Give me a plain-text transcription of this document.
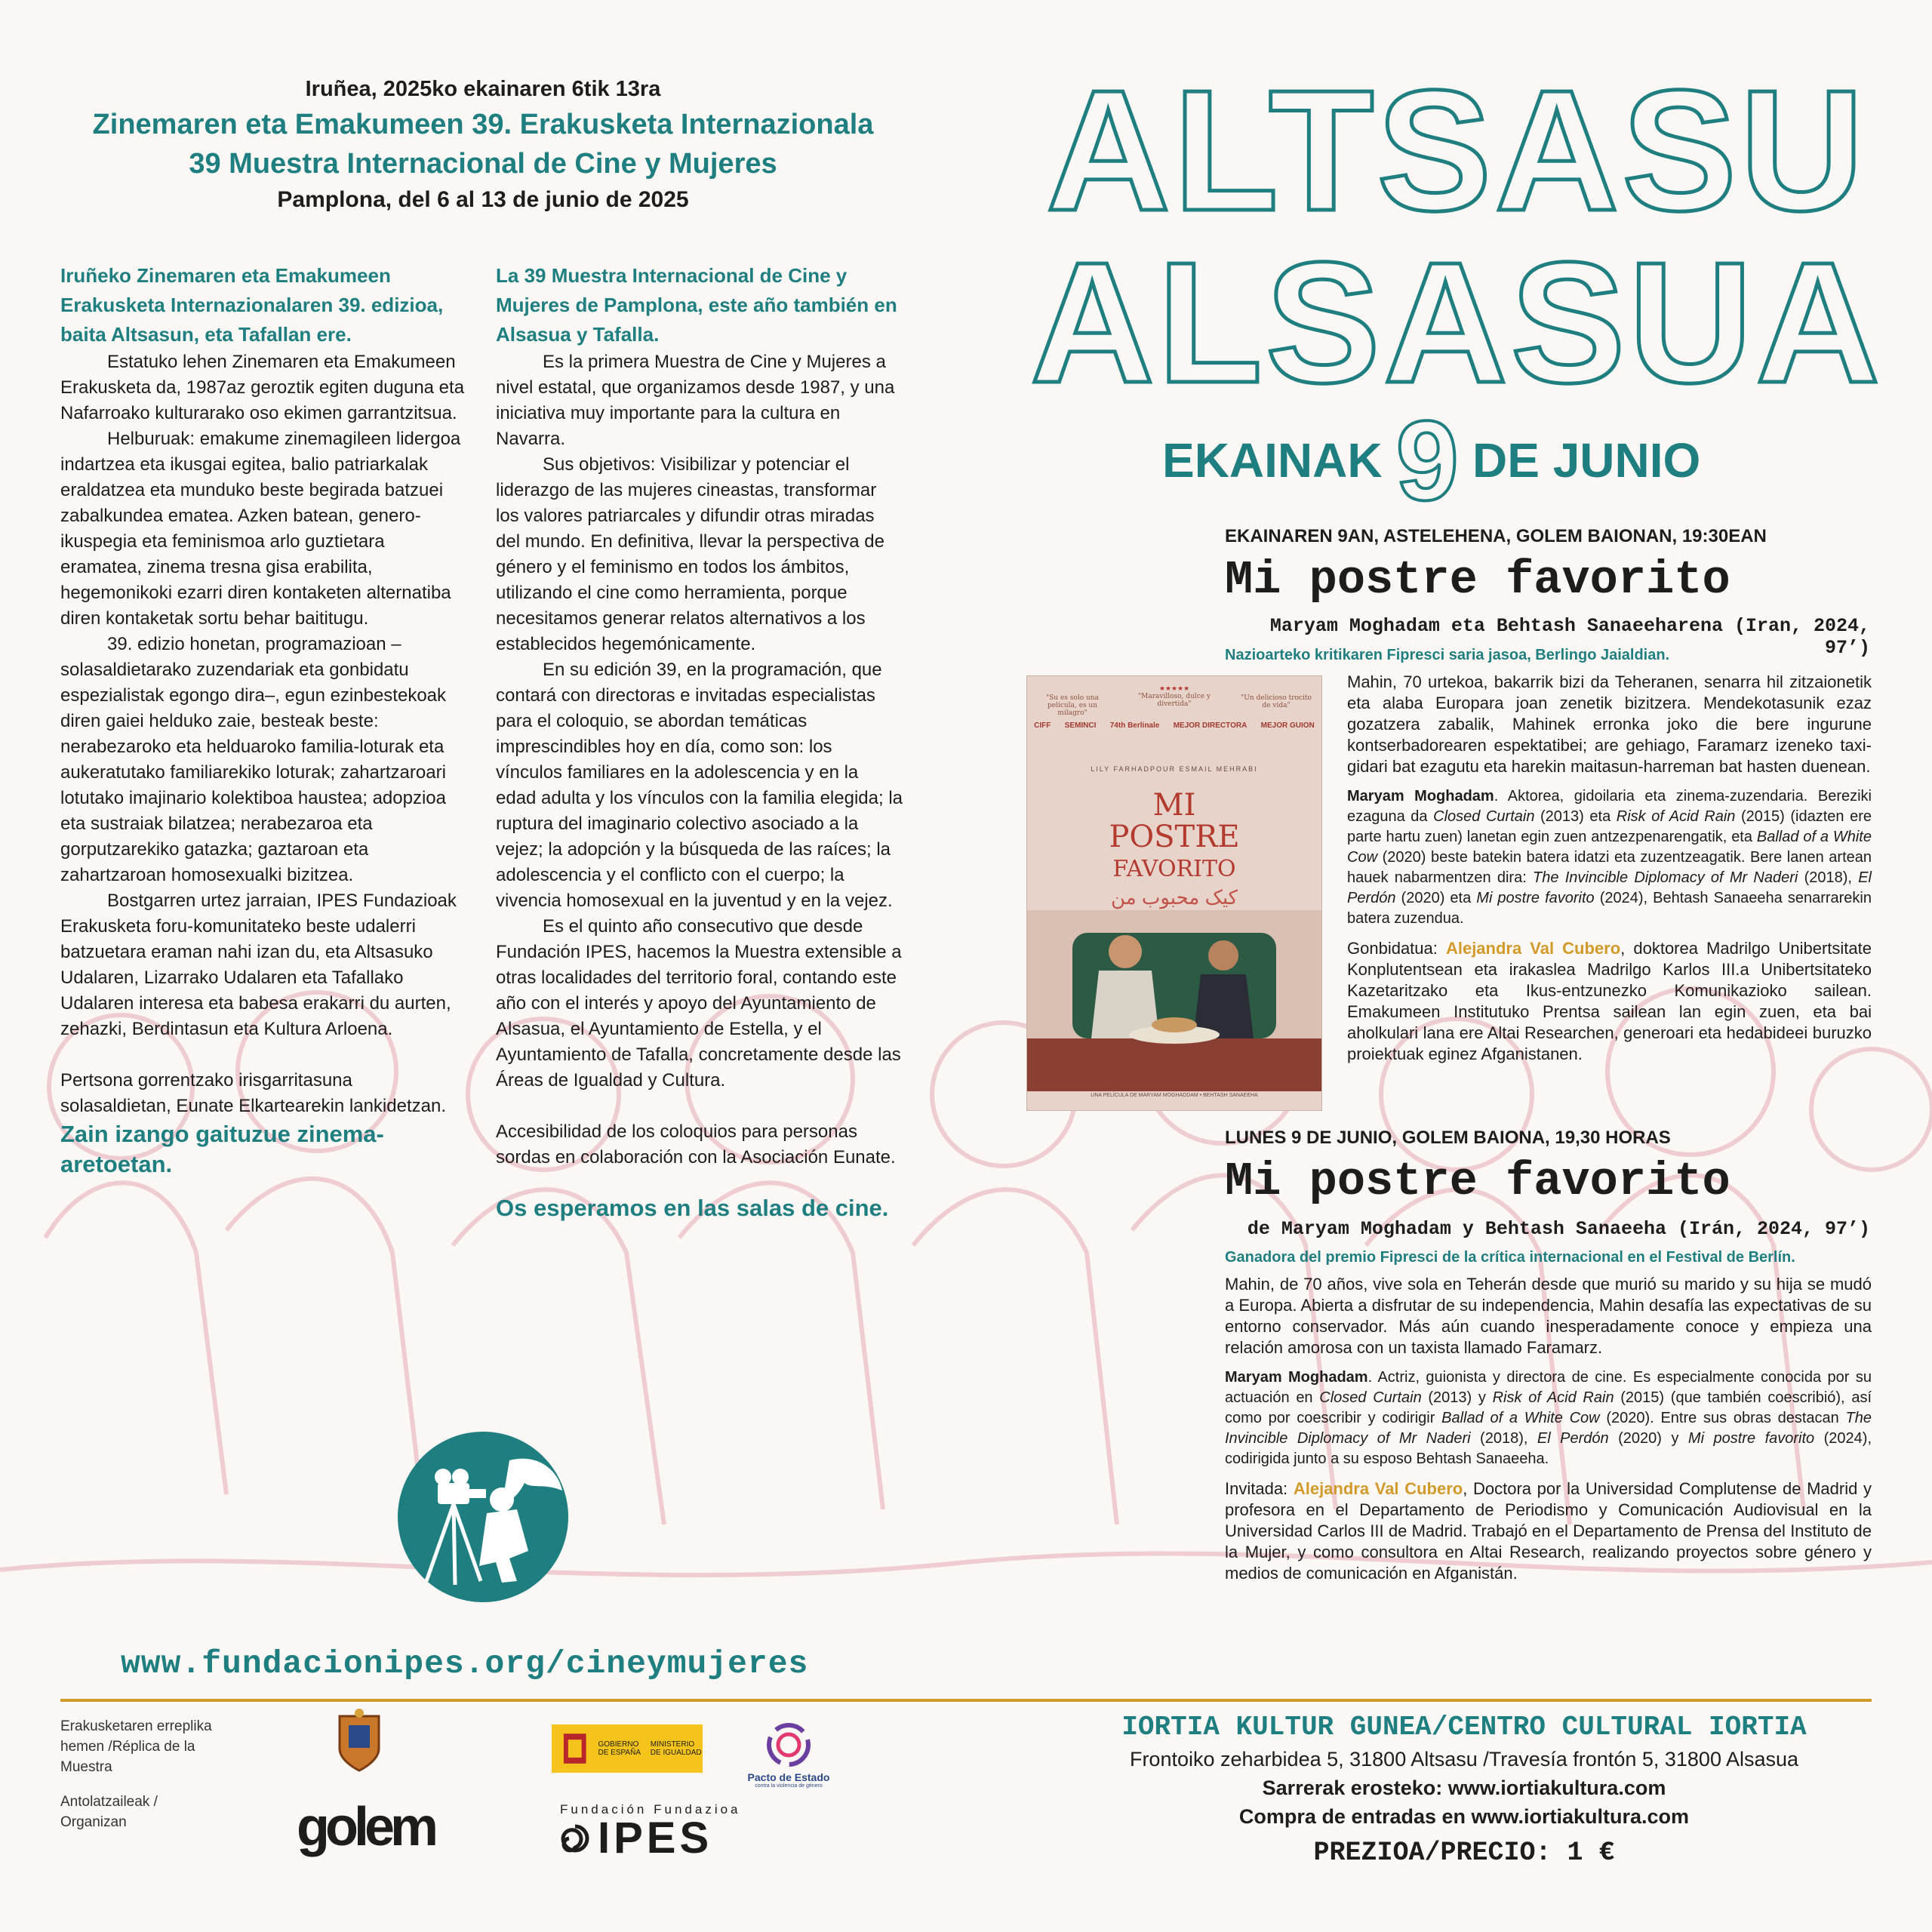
Iruñea, 2025ko ekainaren 6tik 13ra
Zinemaren eta Emakumeen 39. Erakusketa Internazionala
39 Muestra Internacional de Cine y Mujeres
Pamplona, del 6 al 13 de junio de 2025

Iruñeko Zinemaren eta Emakumeen Erakusketa Internazionalaren 39. edizioa, baita Altsasun, eta Tafallan ere.

Estatuko lehen Zinemaren eta Emakumeen Erakusketa da, 1987az geroztik egiten duguna eta Nafarroako kulturarako oso ekimen garrantzitsua.

Helburuak: emakume zinemagileen lidergoa indartzea eta ikusgai egitea, balio patriarkalak eraldatzea eta munduko beste begirada batzuei zabalkundea ematea. Azken batean, genero-ikuspegia eta feminismoa arlo guztietara eramatea, zinema tresna gisa erabilita, hegemonikoki ezarri diren kontaketen alternatiba diren kontaketak sortu behar baititugu.

39. edizio honetan, programazioan –solasaldietarako zuzendariak eta gonbidatu espezialistak egongo dira–, egun ezinbestekoak diren gaiei helduko zaie, besteak beste: nerabezaroko eta helduaroko familia-loturak eta aukeratutako familiarekiko loturak; zahartzaroari lotutako imajinario kolektiboa haustea; adopzioa eta sustraiak bilatzea; nerabezaroa eta gorputzarekiko gatazka; gaztaroan eta zahartzaroan homosexualki bizitzea.

Bostgarren urtez jarraian, IPES Fundazioak Erakusketa foru-komunitateko beste udalerri batzuetara eraman nahi izan du, eta Altsasuko Udalaren, Lizarrako Udalaren eta Tafallako Udalaren interesa eta babesa erakarri du aurten, zehazki, Berdintasun eta Kultura Arloena.

Pertsona gorrentzako irisgarritasuna solasaldietan, Eunate Elkartearekin lankidetzan.

Zain izango gaituzue zinema-aretoetan.

La 39 Muestra Internacional de Cine y Mujeres de Pamplona, este año también en Alsasua y Tafalla.

Es la primera Muestra de Cine y Mujeres a nivel estatal, que organizamos desde 1987, y una iniciativa muy importante para la cultura en Navarra.

Sus objetivos: Visibilizar y potenciar el liderazgo de las mujeres cineastas, transformar los valores patriarcales y difundir otras miradas del mundo. En definitiva, llevar la perspectiva de género y el feminismo en todos los ámbitos, utilizando el cine como herramienta, porque necesitamos generar relatos alternativos a los establecidos hegemónicamente.

En su edición 39, en la programación, que contará con directoras e invitadas especialistas para el coloquio, se abordan temáticas imprescindibles hoy en día, como son: los vínculos familiares en la adolescencia y en la edad adulta y los vínculos con la familia elegida; la ruptura del imaginario colectivo asociado a la vejez; la adopción y la búsqueda de las raíces; la adolescencia y el conflicto con el cuerpo; la vivencia homosexual en la juventud y en la vejez.

Es el quinto año consecutivo que desde Fundación IPES, hacemos la Muestra extensible a otras localidades del territorio foral, contando este año con el interés y apoyo del Ayuntamiento de Alsasua, el Ayuntamiento de Estella, y el Ayuntamiento de Tafalla, concretamente desde las Áreas de Igualdad y Cultura.

Accesibilidad de los coloquios para personas sordas en colaboración con la Asociación Eunate.

Os esperamos en las salas de cine.

ALTSASU
ALSASUA
EKAINAK 9 DE JUNIO
EKAINAREN 9AN, ASTELEHENA, GOLEM BAIONAN, 19:30EAN
Mi postre favorito
Maryam Moghadam eta Behtash Sanaeeharena (Iran, 2024, 97’)
Nazioarteko kritikaren Fipresci saria jasoa, Berlingo Jaialdian.

Mahin, 70 urtekoa, bakarrik bizi da Teheranen, senarra hil zitzaionetik eta alaba Europara joan zenetik bizitzera. Mendekotasunik ezaz gozatzera zabalik, Mahinek erronka joko die bere ingurune kontserbadorearen espektatibei; are gehiago, Faramarz izeneko taxi-gidari bat ezagutu eta harekin maitasun-harreman bat hasten duenean.

Maryam Moghadam. Aktorea, gidoilaria eta zinema-zuzendaria. Bereziki ezaguna da Closed Curtain (2013) eta Risk of Acid Rain (2015) (idazten ere parte hartu zuen) lanetan egin zuen antzezpenarengatik, eta Ballad of a White Cow (2020) beste batekin batera idatzi eta zuzentzeagatik. Bere lanen artean hauek nabarmentzen dira: The Invincible Diplomacy of Mr Naderi (2018), El Perdón (2020) eta Mi postre favorito (2024), Behtash Sanaeeha senarrarekin batera zuzendua.

Gonbidatua: Alejandra Val Cubero, doktorea Madrilgo Unibertsitate Konplutentsean eta irakaslea Madrilgo Karlos III.a Unibertsitateko Kazetaritzako eta Ikus-entzunezko Komunikazioko sailean. Emakumeen Institutuko Prentsa sailean lan egin zuen, eta bai aholkulari lana ere Altai Researchen, generoari eta hedabideei buruzko proiektuak eginez Afganistanen.

"Su es solo una película, es un milagro"
★★★★★
"Maravilloso, dulce y divertida"
"Un delicioso trocito de vida"
CIFF SEMINCI 74th Berlinale MEJOR DIRECTORA MEJOR GUION
LILY FARHADPOUR ESMAIL MEHRABI
MI
POSTRE
FAVORITO
کیک محبوب من
UNA PELÍCULA DE MARYAM MOGHADDAM • BEHTASH SANAEEHA
LUNES 9 DE JUNIO, GOLEM BAIONA, 19,30 HORAS
Mi postre favorito
de Maryam Moghadam y Behtash Sanaeeha (Irán, 2024, 97’)
Ganadora del premio Fipresci de la crítica internacional en el Festival de Berlín.

Mahin, de 70 años, vive sola en Teherán desde que murió su marido y su hija se mudó a Europa. Abierta a disfrutar de su independencia, Mahin desafía las expectativas de su entorno conservador. Más aún cuando inesperadamente conoce y empieza una relación amorosa con un taxista llamado Faramarz.

Maryam Moghadam. Actriz, guionista y directora de cine. Es especialmente conocida por su actuación en Closed Curtain (2013) y Risk of Acid Rain (2015) (que también coescribió), así como por coescribir y codirigir Ballad of a White Cow (2020). Entre sus obras destacan The Invincible Diplomacy of Mr Naderi (2018), El Perdón (2020) y Mi postre favorito (2024), codirigida junto a su esposo Behtash Sanaeeha.

Invitada: Alejandra Val Cubero, Doctora por la Universidad Complutense de Madrid y profesora en el Departamento de Periodismo y Comunicación Audiovisual en la Universidad Carlos III de Madrid. Trabajó en el Departamento de Prensa del Instituto de la Mujer, y como consultora en Altai Research, realizando proyectos sobre género y medios de comunicación en Afganistán.

www.fundacionipes.org/cineymujeres
Erakusketaren erreplika hemen /Réplica de la Muestra
Antolatzaileak / Organizan	golem
GOBIERNO DE ESPAÑA
MINISTERIO DE IGUALDAD
Pacto de Estado
contra la violencia de género
Fundación Fundazioa
IPES
IORTIA KULTUR GUNEA/CENTRO CULTURAL IORTIA
Frontoiko zeharbidea 5, 31800 Altsasu /Travesía frontón 5, 31800 Alsasua
Sarrerak erosteko: www.iortiakultura.com
Compra de entradas en www.iortiakultura.com
PREZIOA/PRECIO: 1 €
